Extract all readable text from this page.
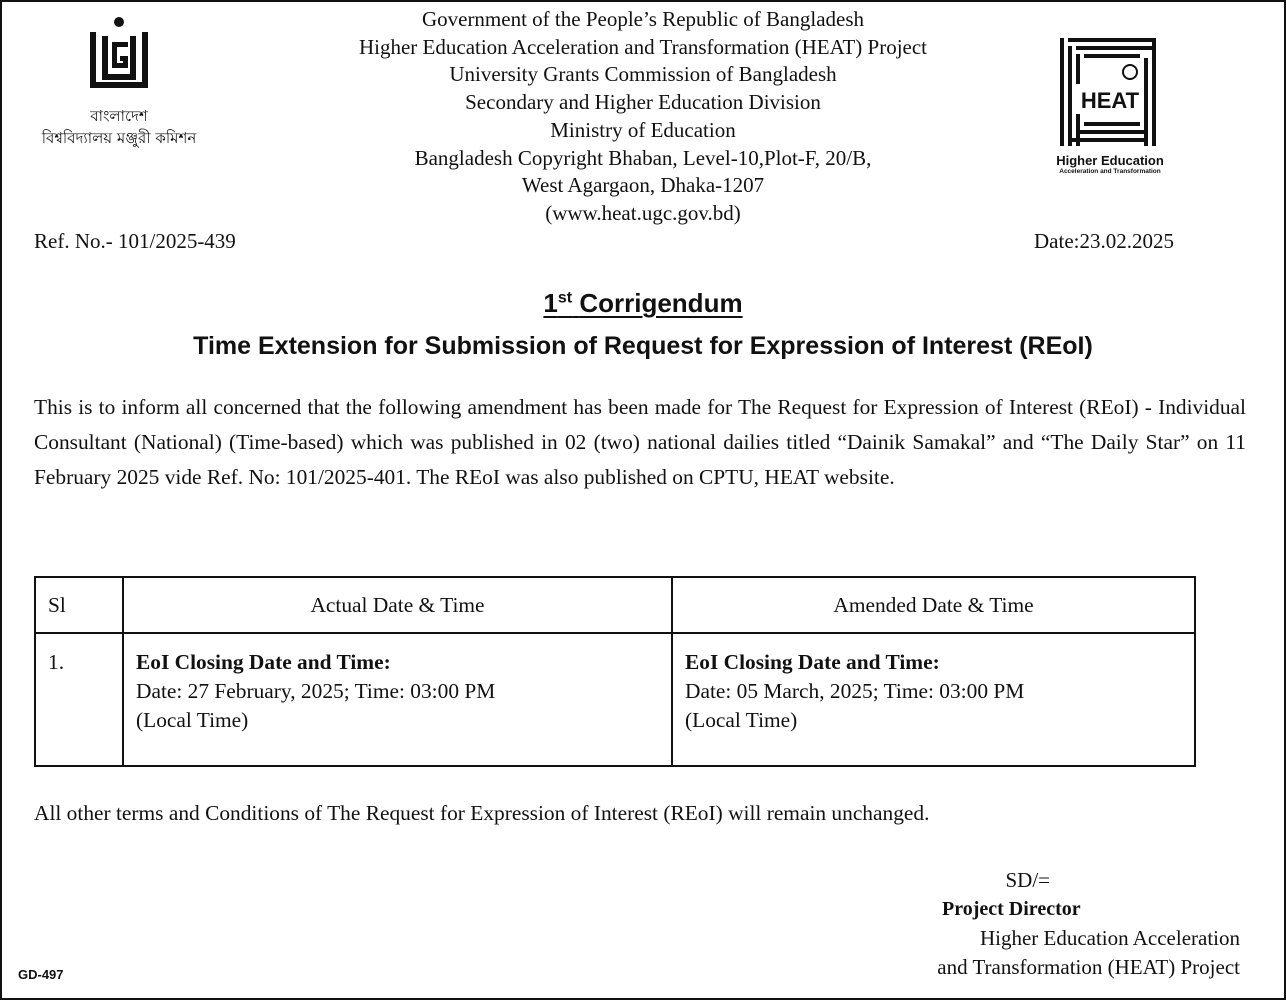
বাংলাদেশ
বিশ্ববিদ্যালয় মঞ্জুরী কমিশন
HEAT
Higher Education
Acceleration and Transformation
Government of the People’s Republic of Bangladesh
Higher Education Acceleration and Transformation (HEAT) Project
University Grants Commission of Bangladesh
Secondary and Higher Education Division
Ministry of Education
Bangladesh Copyright Bhaban, Level-10,Plot-F, 20/B,
West Agargaon, Dhaka-1207
(www.heat.ugc.gov.bd)
Ref. No.- 101/2025-439	Date:23.02.2025
1st Corrigendum
Time Extension for Submission of Request for Expression of Interest (REoI)
This is to inform all concerned that the following amendment has been made for The Request for Expression of Interest (REoI) - Individual Consultant (National) (Time-based) which was published in 02 (two) national dailies titled “Dainik Samakal” and “The Daily Star” on 11 February 2025 vide Ref. No: 101/2025-401. The REoI was also published on CPTU, HEAT website.
Sl	Actual Date & Time	Amended Date & Time
1.	EoI Closing Date and Time:
Date: 27 February, 2025; Time: 03:00 PM
(Local Time)	EoI Closing Date and Time:
Date: 05 March, 2025; Time: 03:00 PM
(Local Time)
All other terms and Conditions of The Request for Expression of Interest (REoI) will remain unchanged.
SD/=
Project Director
Higher Education Acceleration
and Transformation (HEAT) Project
GD-497
